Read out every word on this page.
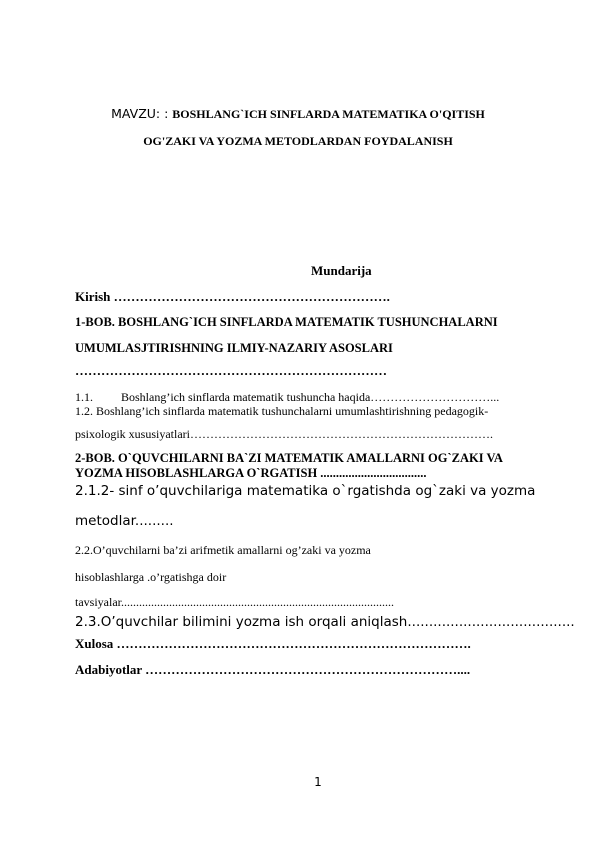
MAVZU: : BOSHLANG`ICH SINFLARDA MATEMATIKA O'QITISH
OG'ZAKI VA YOZMA METODLARDAN FOYDALANISH
Mundarija
Kirish ……………………………………………………….
1-BOB. BOSHLANG`ICH SINFLARDA MATEMATIK TUSHUNCHALARNI
UMUMLASJTIRISHNING ILMIY-NAZARIY ASOSLARI
………………………………………………………………
1.1. Boshlang’ich sinflarda matematik tushuncha haqida…………………………...
1.2. Boshlang’ich sinflarda matematik tushunchalarni umumlashtirishning pedagogik-
psixologik xususiyatlari………………………………………………………………….
2-BOB. O`QUVCHILARNI BA`ZI MATEMATIK AMALLARNI OG`ZAKI VA
YOZMA HISOBLASHLARGA O`RGATISH ..................................
2.1.2- sinf o’quvchilariga matematika o`rgatishda og`zaki va yozma
metodlar.........
2.2.O’quvchilarni ba’zi arifmetik amallarni og’zaki va yozma
hisoblashlarga .o’rgatishga doir
tavsiyalar...........................................................................................
2.3.O’quvchilar bilimini yozma ish orqali aniqlash.......................................
Xulosa ……………………………………………………………………….
Adabiyotlar ………………………………………………………………....
1
